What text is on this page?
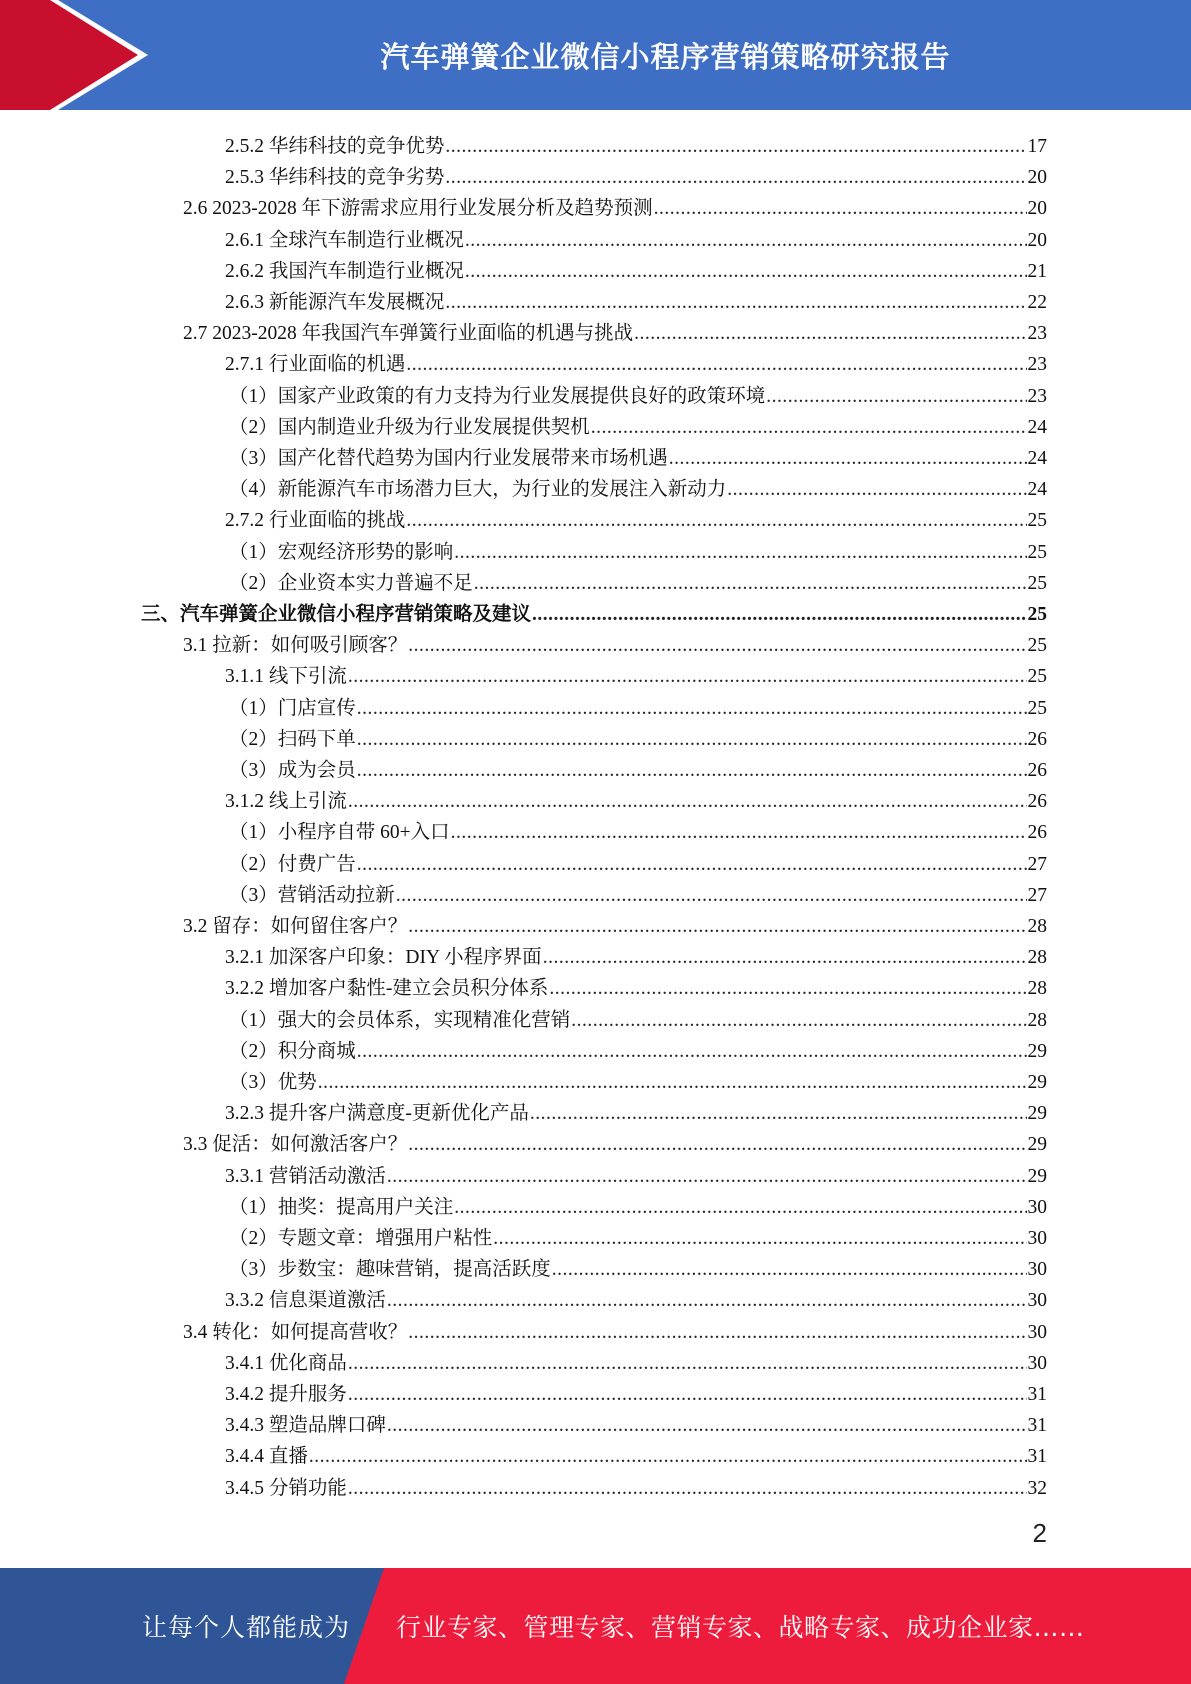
汽车弹簧企业微信小程序营销策略研究报告
2.5.2 华纬科技的竞争优势 .....	17
2.5.3 华纬科技的竞争劣势 .....	20
2.6 2023-2028 年下游需求应用行业发展分析及趋势预测 .....	20
2.6.1 全球汽车制造行业概况 .....	20
2.6.2 我国汽车制造行业概况 .....	21
2.6.3 新能源汽车发展概况 .....	22
2.7 2023-2028 年我国汽车弹簧行业面临的机遇与挑战 .....	23
2.7.1 行业面临的机遇 .....	23
（1）国家产业政策的有力支持为行业发展提供良好的政策环境 .....	23
（2）国内制造业升级为行业发展提供契机 .....	24
（3）国产化替代趋势为国内行业发展带来市场机遇 .....	24
（4）新能源汽车市场潜力巨大，为行业的发展注入新动力 .....	24
2.7.2 行业面临的挑战 .....	25
（1）宏观经济形势的影响 .....	25
（2）企业资本实力普遍不足 .....	25
三、汽车弹簧企业微信小程序营销策略及建议 .....	25
3.1 拉新：如何吸引顾客？ .....	25
3.1.1 线下引流 .....	25
（1）门店宣传 .....	25
（2）扫码下单 .....	26
（3）成为会员 .....	26
3.1.2 线上引流 .....	26
（1）小程序自带 60+入口 .....	26
（2）付费广告 .....	27
（3）营销活动拉新 .....	27
3.2 留存：如何留住客户？ .....	28
3.2.1 加深客户印象：DIY 小程序界面 .....	28
3.2.2 增加客户黏性-建立会员积分体系 .....	28
（1）强大的会员体系，实现精准化营销 .....	28
（2）积分商城 .....	29
（3）优势 .....	29
3.2.3 提升客户满意度-更新优化产品 .....	29
3.3 促活：如何激活客户？ .....	29
3.3.1 营销活动激活 .....	29
（1）抽奖：提高用户关注 .....	30
（2）专题文章：增强用户粘性 .....	30
（3）步数宝：趣味营销，提高活跃度 .....	30
3.3.2 信息渠道激活 .....	30
3.4 转化：如何提高营收？ .....	30
3.4.1 优化商品 .....	30
3.4.2 提升服务 .....	31
3.4.3 塑造品牌口碑 .....	31
3.4.4 直播 .....	31
3.4.5 分销功能 .....	32
2
让每个人都能成为 行业专家、管理专家、营销专家、战略专家、成功企业家……
